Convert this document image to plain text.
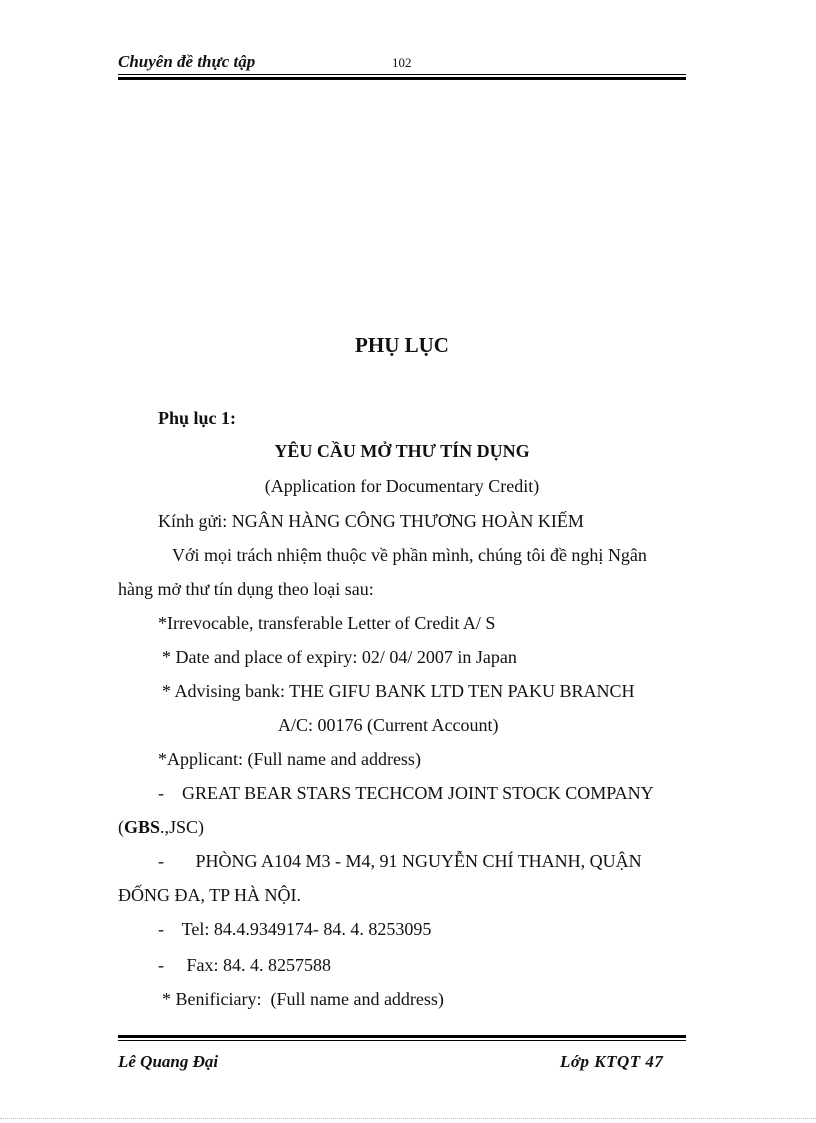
Chuyên đề thực tập	102
PHỤ LỤC
Phụ lục 1:
YÊU CẦU MỞ THƯ TÍN DỤNG
(Application for Documentary Credit)
Kính gửi: NGÂN HÀNG CÔNG THƯƠNG HOÀN KIẾM
Với mọi trách nhiệm thuộc về phần mình, chúng tôi đề nghị Ngân
hàng mở thư tín dụng theo loại sau:
*Irrevocable, transferable Letter of Credit A/ S
* Date and place of expiry: 02/ 04/ 2007 in Japan
* Advising bank: THE GIFU BANK LTD TEN PAKU BRANCH
A/C: 00176 (Current Account)
*Applicant: (Full name and address)
-    GREAT BEAR STARS TECHCOM JOINT STOCK COMPANY
(GBS.,JSC)
-       PHÒNG A104 M3 - M4, 91 NGUYỄN CHÍ THANH, QUẬN
ĐỐNG ĐA, TP HÀ NỘI.
-    Tel: 84.4.9349174- 84. 4. 8253095
-     Fax: 84. 4. 8257588
* Benificiary:  (Full name and address)
Lê Quang Đại	Lớp KTQT 47
